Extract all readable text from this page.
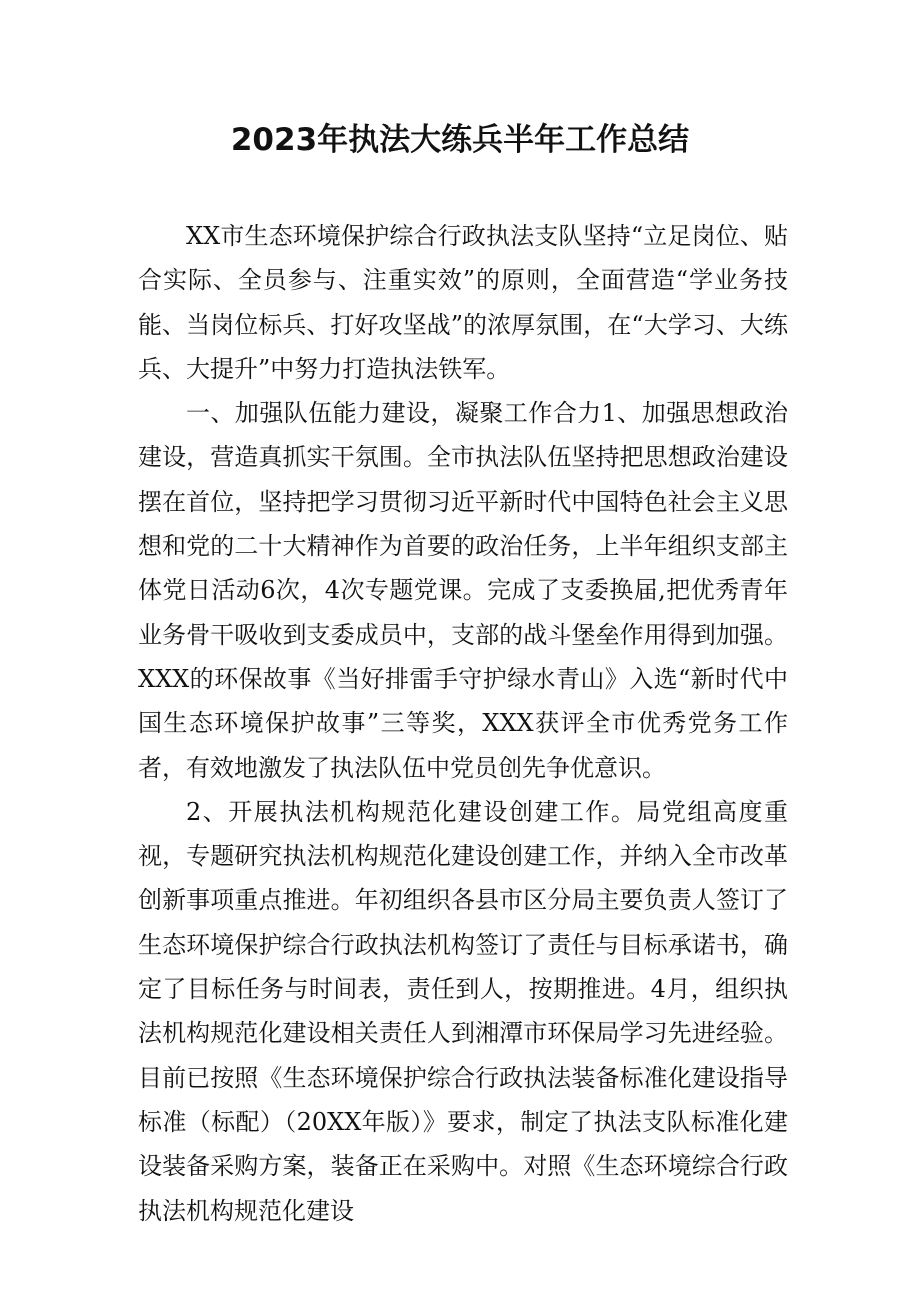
2023年执法大练兵半年工作总结

XX市生态环境保护综合行政执法支队坚持“立足岗位、贴合实际、全员参与、注重实效”的原则，全面营造“学业务技能、当岗位标兵、打好攻坚战”的浓厚氛围，在“大学习、大练兵、大提升”中努力打造执法铁军。

一、加强队伍能力建设，凝聚工作合力1、加强思想政治建设，营造真抓实干氛围。全市执法队伍坚持把思想政治建设摆在首位，坚持把学习贯彻习近平新时代中国特色社会主义思想和党的二十大精神作为首要的政治任务，上半年组织支部主体党日活动6次，4次专题党课。完成了支委换届,把优秀青年业务骨干吸收到支委成员中，支部的战斗堡垒作用得到加强。XXX的环保故事《当好排雷手守护绿水青山》入选“新时代中国生态环境保护故事”三等奖，XXX获评全市优秀党务工作者，有效地激发了执法队伍中党员创先争优意识。

2、开展执法机构规范化建设创建工作。局党组高度重视，专题研究执法机构规范化建设创建工作，并纳入全市改革创新事项重点推进。年初组织各县市区分局主要负责人签订了生态环境保护综合行政执法机构签订了责任与目标承诺书，确定了目标任务与时间表，责任到人，按期推进。4月，组织执法机构规范化建设相关责任人到湘潭市环保局学习先进经验。目前已按照《生态环境保护综合行政执法装备标准化建设指导标准（标配）（20XX年版）》要求，制定了执法支队标准化建设装备采购方案，装备正在采购中。对照《生态环境综合行政执法机构规范化建设
